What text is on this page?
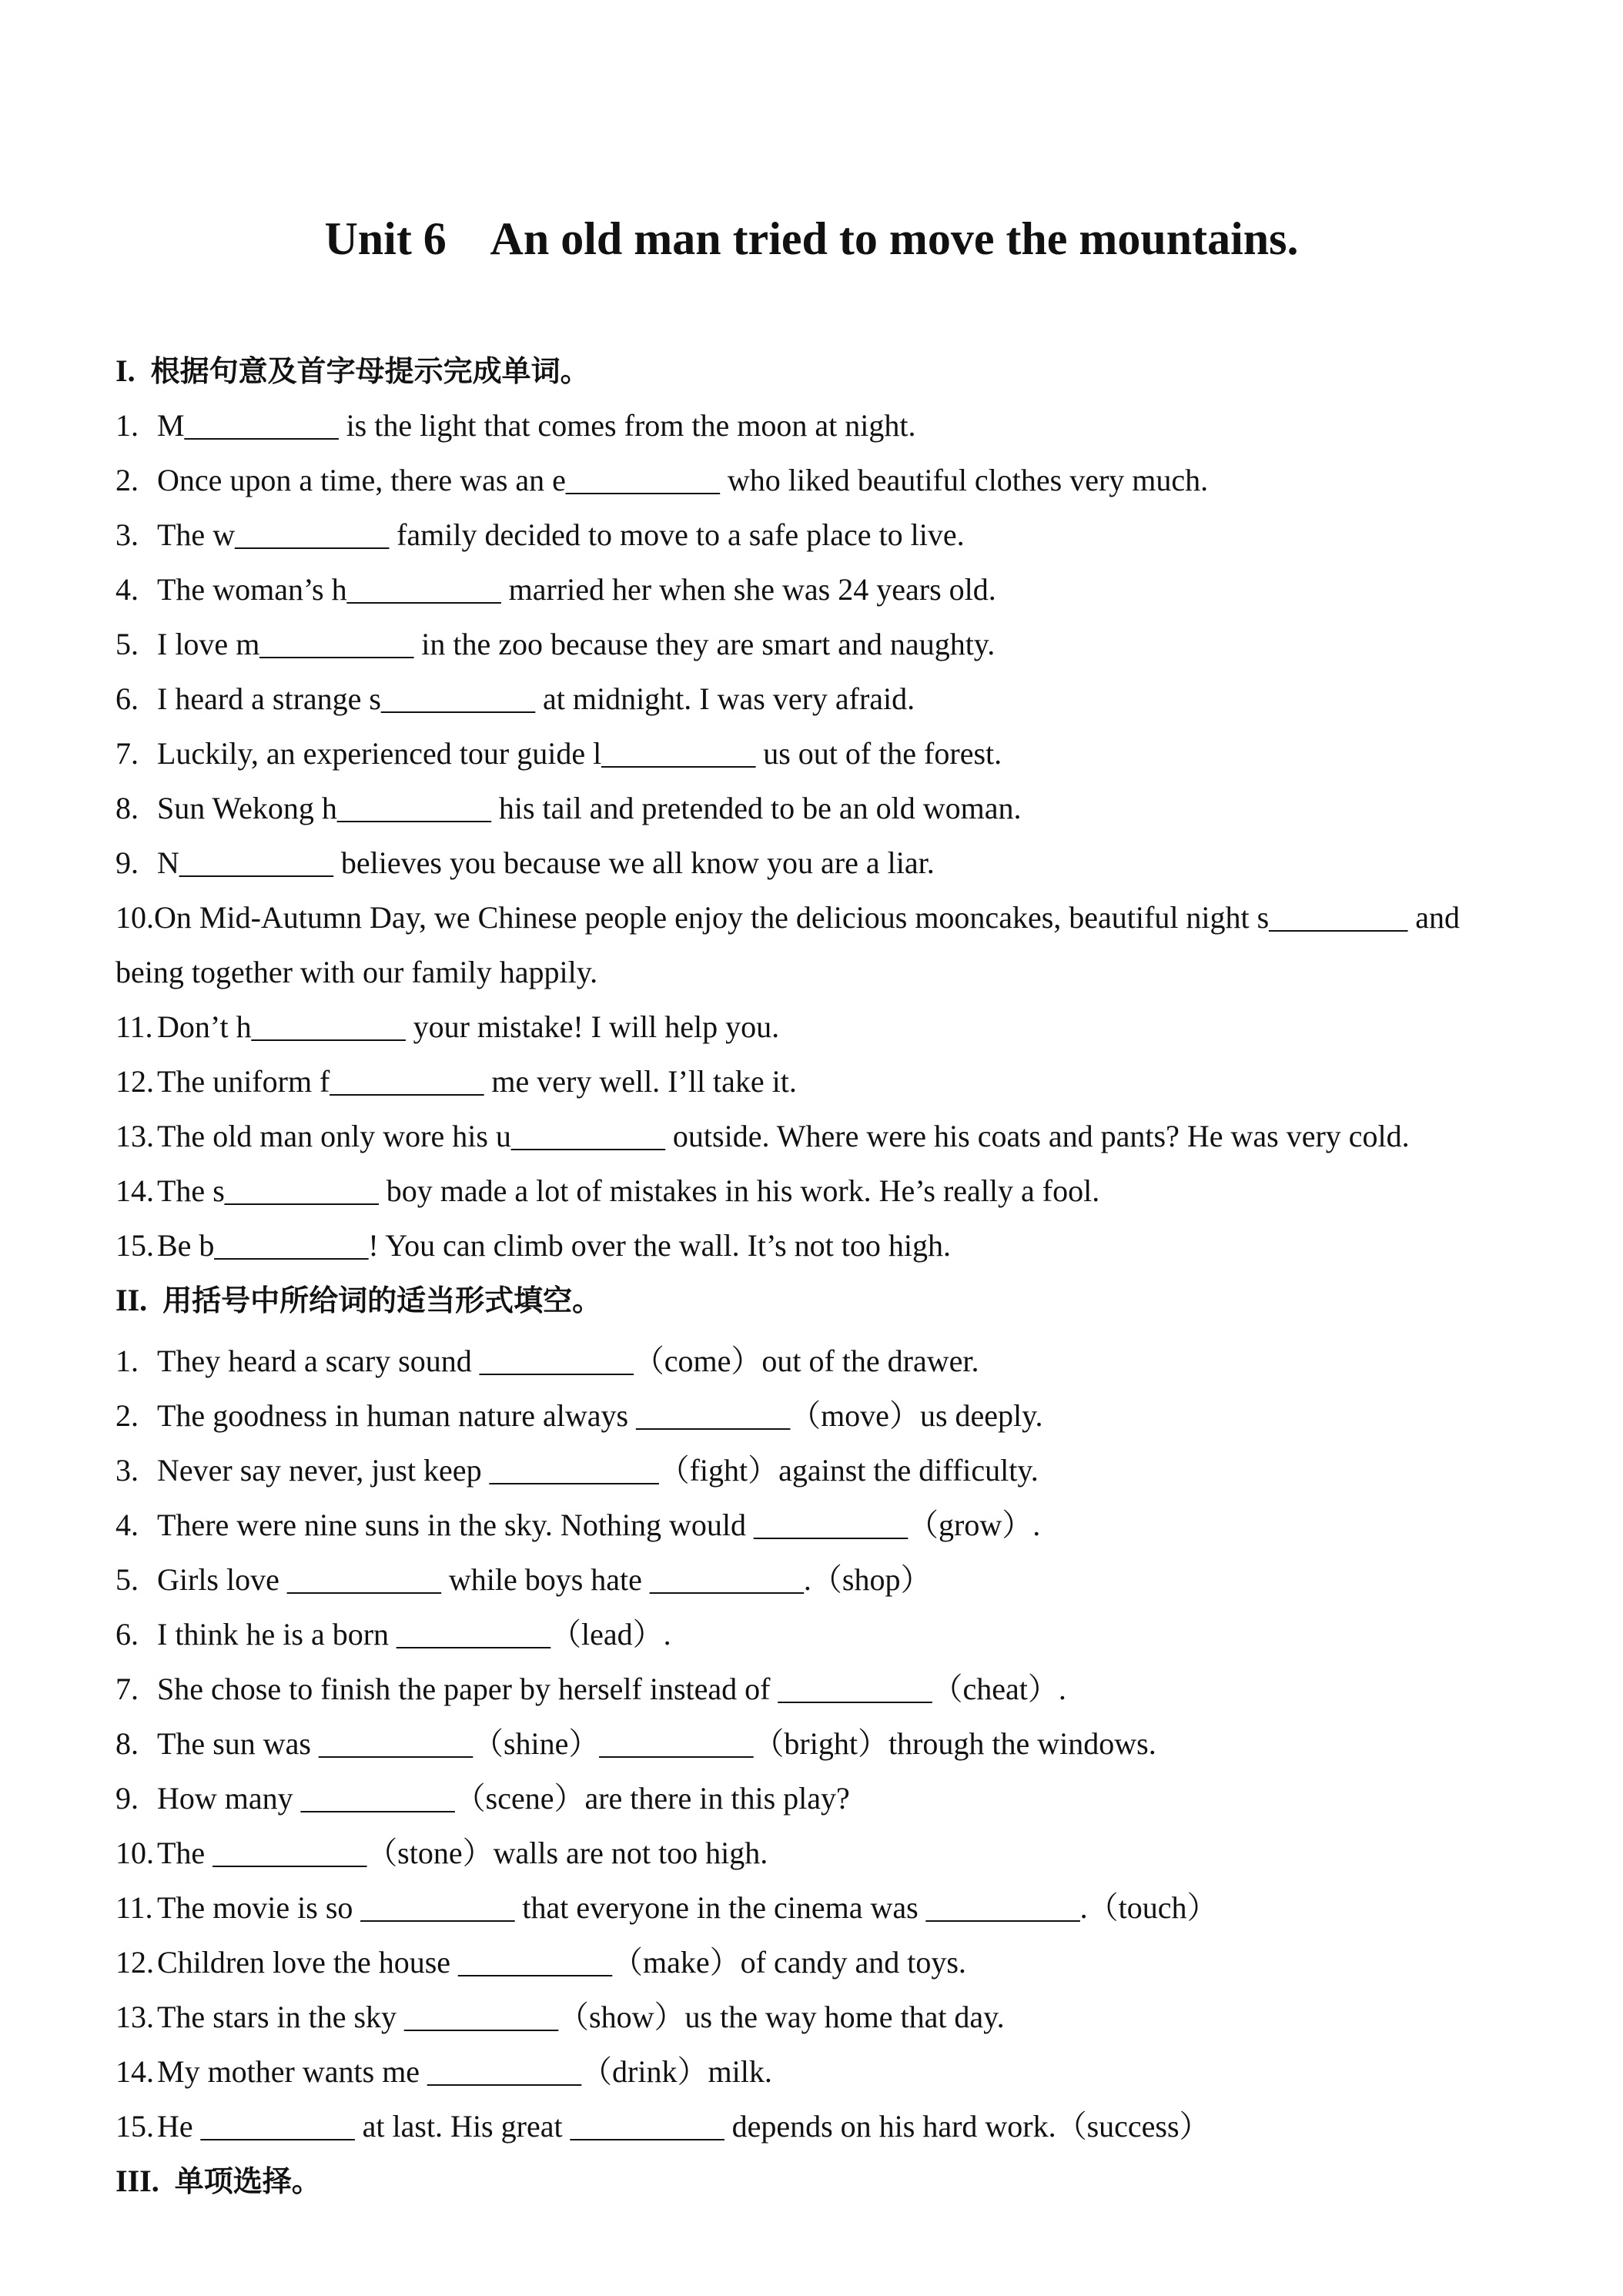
Unit 6    An old man tried to move the mountains.
I. 根据句意及首字母提示完成单词。
1. M__________ is the light that comes from the moon at night.
2. Once upon a time, there was an e__________ who liked beautiful clothes very much.
3. The w__________ family decided to move to a safe place to live.
4. The woman’s h__________ married her when she was 24 years old.
5. I love m__________ in the zoo because they are smart and naughty.
6. I heard a strange s__________ at midnight. I was very afraid.
7. Luckily, an experienced tour guide l__________ us out of the forest.
8. Sun Wekong h__________ his tail and pretended to be an old woman.
9. N__________ believes you because we all know you are a liar.
10.On Mid-Autumn Day, we Chinese people enjoy the delicious mooncakes, beautiful night s_________ and being together with our family happily.
11. Don’t h__________ your mistake! I will help you.
12. The uniform f__________ me very well. I’ll take it.
13. The old man only wore his u__________ outside. Where were his coats and pants? He was very cold.
14. The s__________ boy made a lot of mistakes in his work. He’s really a fool.
15. Be b__________! You can climb over the wall. It’s not too high.
II. 用括号中所给词的适当形式填空。
1. They heard a scary sound __________（come）out of the drawer.
2. The goodness in human nature always __________（move）us deeply.
3. Never say never, just keep ___________（fight）against the difficulty.
4. There were nine suns in the sky. Nothing would __________（grow）.
5. Girls love __________ while boys hate __________.（shop）
6. I think he is a born __________（lead）.
7. She chose to finish the paper by herself instead of __________（cheat）.
8. The sun was __________（shine）__________（bright）through the windows.
9. How many __________（scene）are there in this play?
10. The __________（stone）walls are not too high.
11. The movie is so __________ that everyone in the cinema was __________.（touch）
12. Children love the house __________（make）of candy and toys.
13. The stars in the sky __________（show）us the way home that day.
14. My mother wants me __________（drink）milk.
15. He __________ at last. His great __________ depends on his hard work.（success）
III. 单项选择。
